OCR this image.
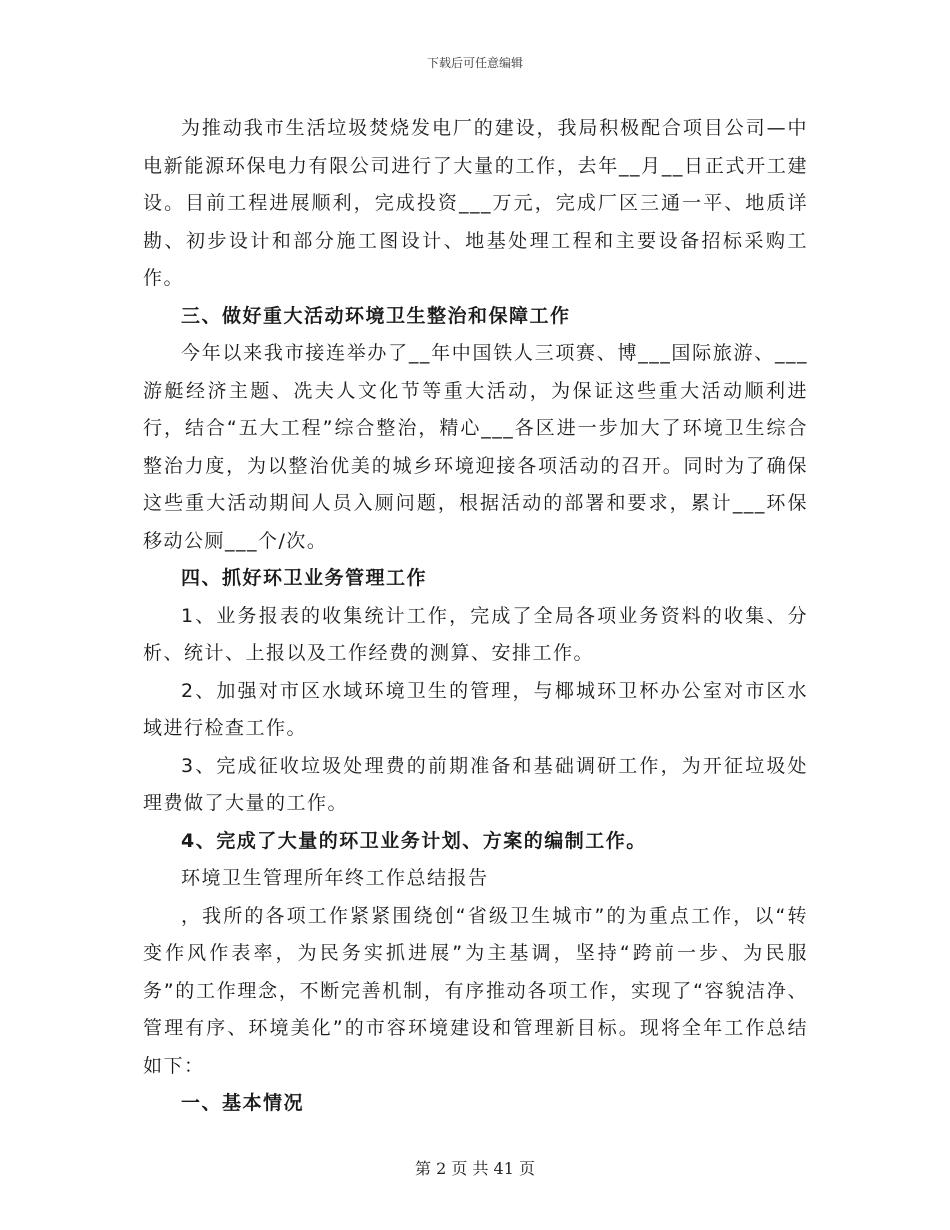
下载后可任意编辑

为推动我市生活垃圾焚烧发电厂的建设，我局积极配合项目公司—中电新能源环保电力有限公司进行了大量的工作，去年__月__日正式开工建设。目前工程进展顺利，完成投资___万元，完成厂区三通一平、地质详勘、初步设计和部分施工图设计、地基处理工程和主要设备招标采购工作。

三、做好重大活动环境卫生整治和保障工作

今年以来我市接连举办了__年中国铁人三项赛、博___国际旅游、___游艇经济主题、冼夫人文化节等重大活动，为保证这些重大活动顺利进行，结合“五大工程”综合整治，精心___各区进一步加大了环境卫生综合整治力度，为以整治优美的城乡环境迎接各项活动的召开。同时为了确保这些重大活动期间人员入厕问题，根据活动的部署和要求，累计___环保移动公厕___个/次。

四、抓好环卫业务管理工作

1、业务报表的收集统计工作，完成了全局各项业务资料的收集、分析、统计、上报以及工作经费的测算、安排工作。

2、加强对市区水域环境卫生的管理，与椰城环卫杯办公室对市区水域进行检查工作。

3、完成征收垃圾处理费的前期准备和基础调研工作，为开征垃圾处理费做了大量的工作。

4、完成了大量的环卫业务计划、方案的编制工作。

环境卫生管理所年终工作总结报告

，我所的各项工作紧紧围绕创“省级卫生城市”的为重点工作，以“转变作风作表率，为民务实抓进展”为主基调，坚持“跨前一步、为民服务”的工作理念，不断完善机制，有序推动各项工作，实现了“容貌洁净、管理有序、环境美化”的市容环境建设和管理新目标。现将全年工作总结如下：

一、基本情况

第 2 页 共 41 页
